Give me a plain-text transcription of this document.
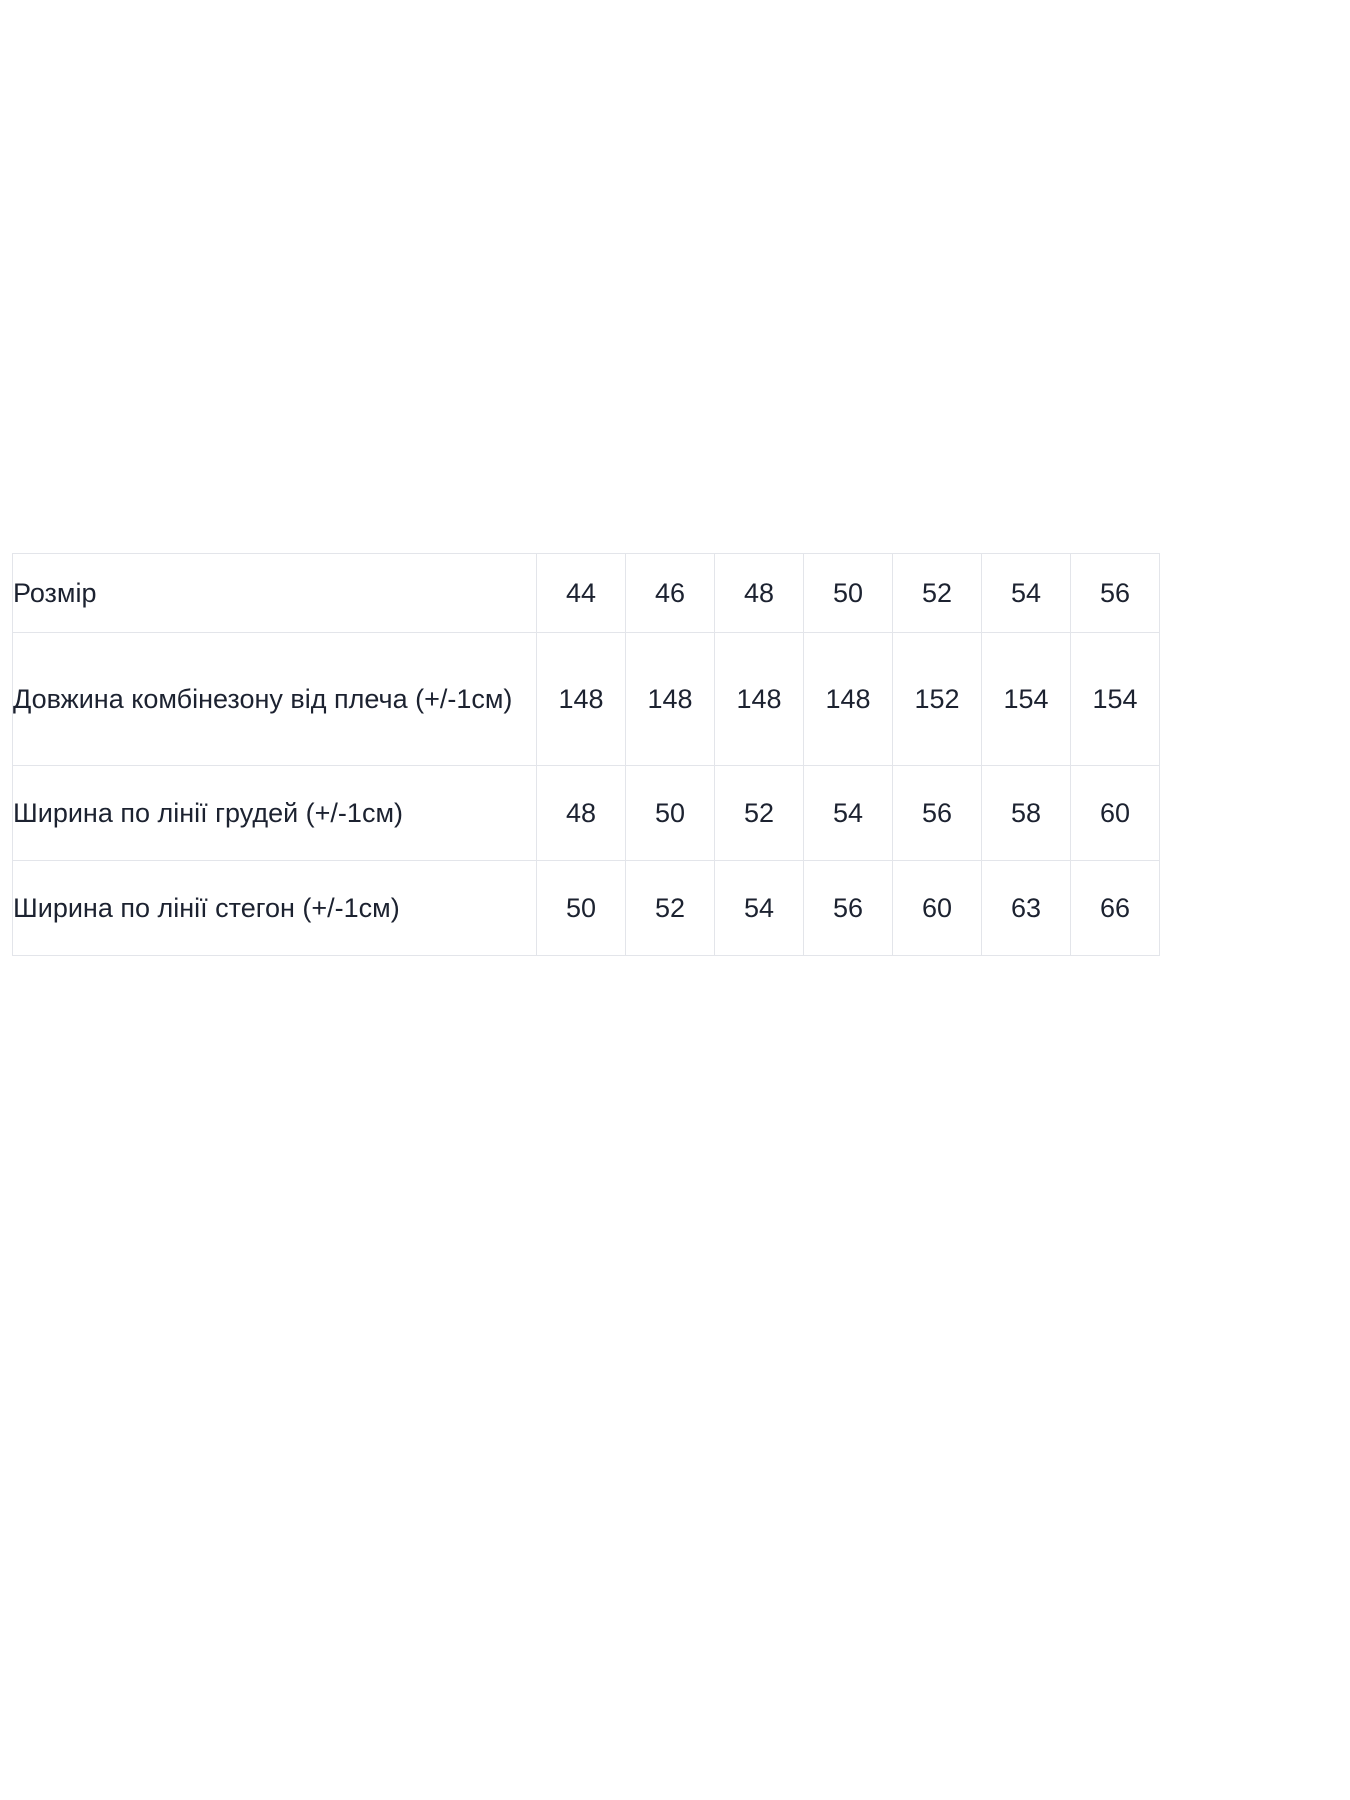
Розмір	44	46	48	50	52	54	56
Довжина комбінезону від плеча (+/-1см)	148	148	148	148	152	154	154
Ширина по лінії грудей (+/-1см)	48	50	52	54	56	58	60
Ширина по лінії стегон (+/-1см)	50	52	54	56	60	63	66
